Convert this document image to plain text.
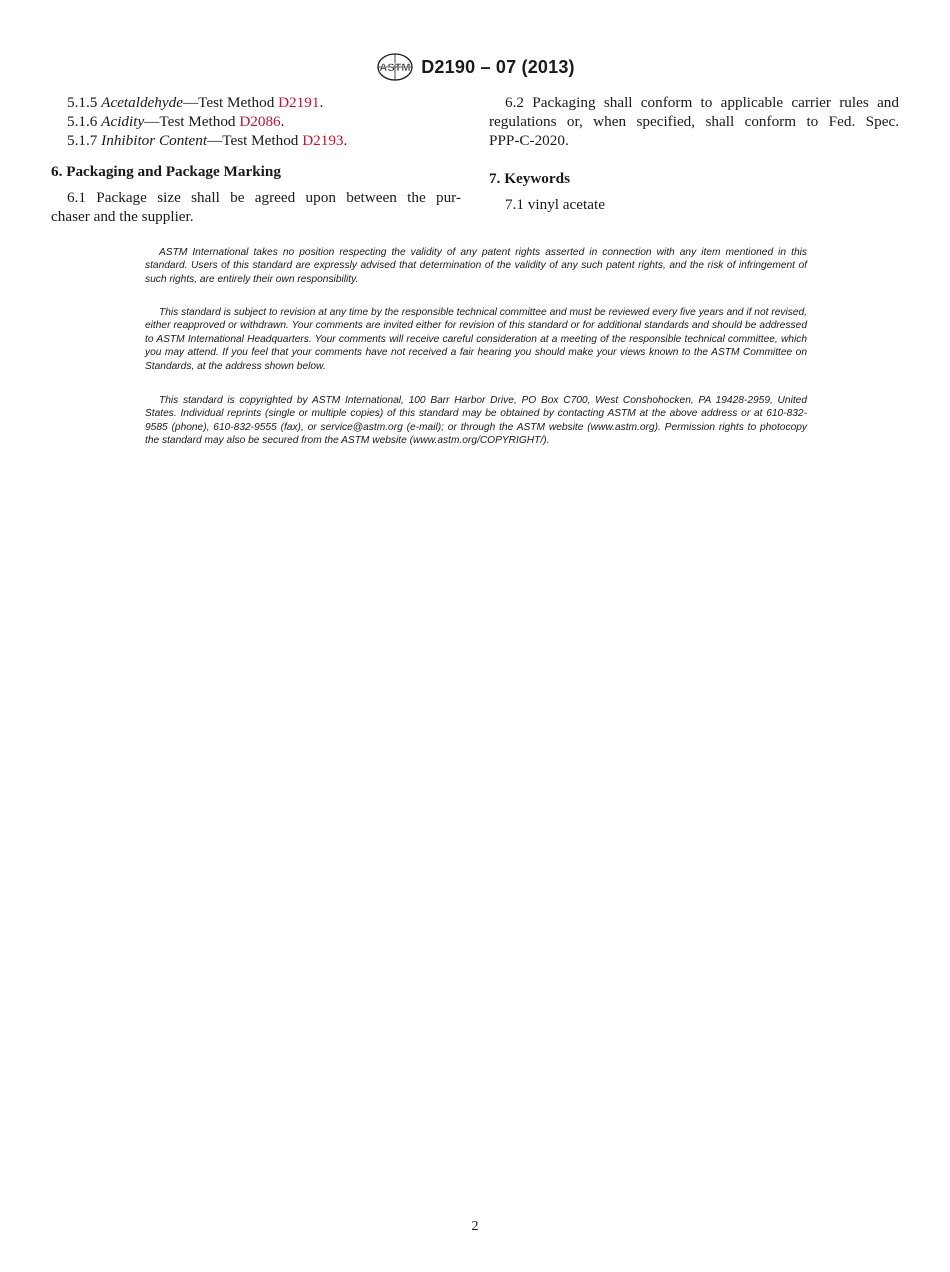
ASTM D2190 – 07 (2013)
5.1.5 Acetaldehyde—Test Method D2191.
5.1.6 Acidity—Test Method D2086.
5.1.7 Inhibitor Content—Test Method D2193.

6. Packaging and Package Marking

6.1 Package size shall be agreed upon between the pur-
chaser and the supplier.
6.2 Packaging shall conform to applicable carrier rules and
regulations or, when specified, shall conform to Fed. Spec.
PPP-C-2020.

7. Keywords

7.1 vinyl acetate

ASTM International takes no position respecting the validity of any patent rights asserted in connection with any item mentioned in this standard. Users of this standard are expressly advised that determination of the validity of any such patent rights, and the risk of infringement of such rights, are entirely their own responsibility.

This standard is subject to revision at any time by the responsible technical committee and must be reviewed every five years and if not revised, either reapproved or withdrawn. Your comments are invited either for revision of this standard or for additional standards and should be addressed to ASTM International Headquarters. Your comments will receive careful consideration at a meeting of the responsible technical committee, which you may attend. If you feel that your comments have not received a fair hearing you should make your views known to the ASTM Committee on Standards, at the address shown below.

This standard is copyrighted by ASTM International, 100 Barr Harbor Drive, PO Box C700, West Conshohocken, PA 19428-2959, United States. Individual reprints (single or multiple copies) of this standard may be obtained by contacting ASTM at the above address or at 610-832-9585 (phone), 610-832-9555 (fax), or service@astm.org (e-mail); or through the ASTM website (www.astm.org). Permission rights to photocopy the standard may also be secured from the ASTM website (www.astm.org/COPYRIGHT/).

2
